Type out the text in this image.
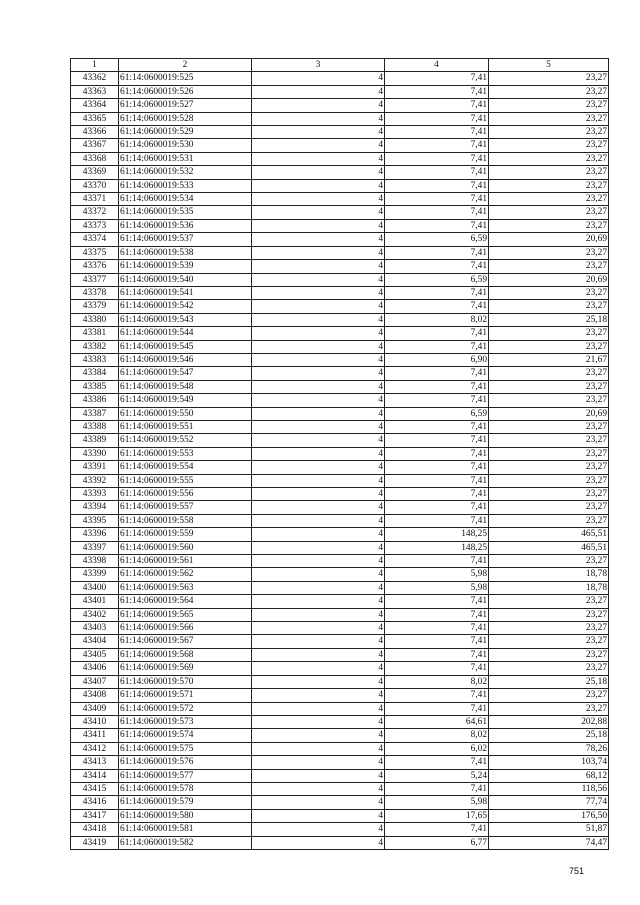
1	2	3	4	5
43362	61:14:0600019:525	4	7,41	23,27
43363	61:14:0600019:526	4	7,41	23,27
43364	61:14:0600019:527	4	7,41	23,27
43365	61:14:0600019:528	4	7,41	23,27
43366	61:14:0600019:529	4	7,41	23,27
43367	61:14:0600019:530	4	7,41	23,27
43368	61:14:0600019:531	4	7,41	23,27
43369	61:14:0600019:532	4	7,41	23,27
43370	61:14:0600019:533	4	7,41	23,27
43371	61:14:0600019:534	4	7,41	23,27
43372	61:14:0600019:535	4	7,41	23,27
43373	61:14:0600019:536	4	7,41	23,27
43374	61:14:0600019:537	4	6,59	20,69
43375	61:14:0600019:538	4	7,41	23,27
43376	61:14:0600019:539	4	7,41	23,27
43377	61:14:0600019:540	4	6,59	20,69
43378	61:14:0600019:541	4	7,41	23,27
43379	61:14:0600019:542	4	7,41	23,27
43380	61:14:0600019:543	4	8,02	25,18
43381	61:14:0600019:544	4	7,41	23,27
43382	61:14:0600019:545	4	7,41	23,27
43383	61:14:0600019:546	4	6,90	21,67
43384	61:14:0600019:547	4	7,41	23,27
43385	61:14:0600019:548	4	7,41	23,27
43386	61:14:0600019:549	4	7,41	23,27
43387	61:14:0600019:550	4	6,59	20,69
43388	61:14:0600019:551	4	7,41	23,27
43389	61:14:0600019:552	4	7,41	23,27
43390	61:14:0600019:553	4	7,41	23,27
43391	61:14:0600019:554	4	7,41	23,27
43392	61:14:0600019:555	4	7,41	23,27
43393	61:14:0600019:556	4	7,41	23,27
43394	61:14:0600019:557	4	7,41	23,27
43395	61:14:0600019:558	4	7,41	23,27
43396	61:14:0600019:559	4	148,25	465,51
43397	61:14:0600019:560	4	148,25	465,51
43398	61:14:0600019:561	4	7,41	23,27
43399	61:14:0600019:562	4	5,98	18,78
43400	61:14:0600019:563	4	5,98	18,78
43401	61:14:0600019:564	4	7,41	23,27
43402	61:14:0600019:565	4	7,41	23,27
43403	61:14:0600019:566	4	7,41	23,27
43404	61:14:0600019:567	4	7,41	23,27
43405	61:14:0600019:568	4	7,41	23,27
43406	61:14:0600019:569	4	7,41	23,27
43407	61:14:0600019:570	4	8,02	25,18
43408	61:14:0600019:571	4	7,41	23,27
43409	61:14:0600019:572	4	7,41	23,27
43410	61:14:0600019:573	4	64,61	202,88
43411	61:14:0600019:574	4	8,02	25,18
43412	61:14:0600019:575	4	6,02	78,26
43413	61:14:0600019:576	4	7,41	103,74
43414	61:14:0600019:577	4	5,24	68,12
43415	61:14:0600019:578	4	7,41	118,56
43416	61:14:0600019:579	4	5,98	77,74
43417	61:14:0600019:580	4	17,65	176,50
43418	61:14:0600019:581	4	7,41	51,87
43419	61:14:0600019:582	4	6,77	74,47
751
